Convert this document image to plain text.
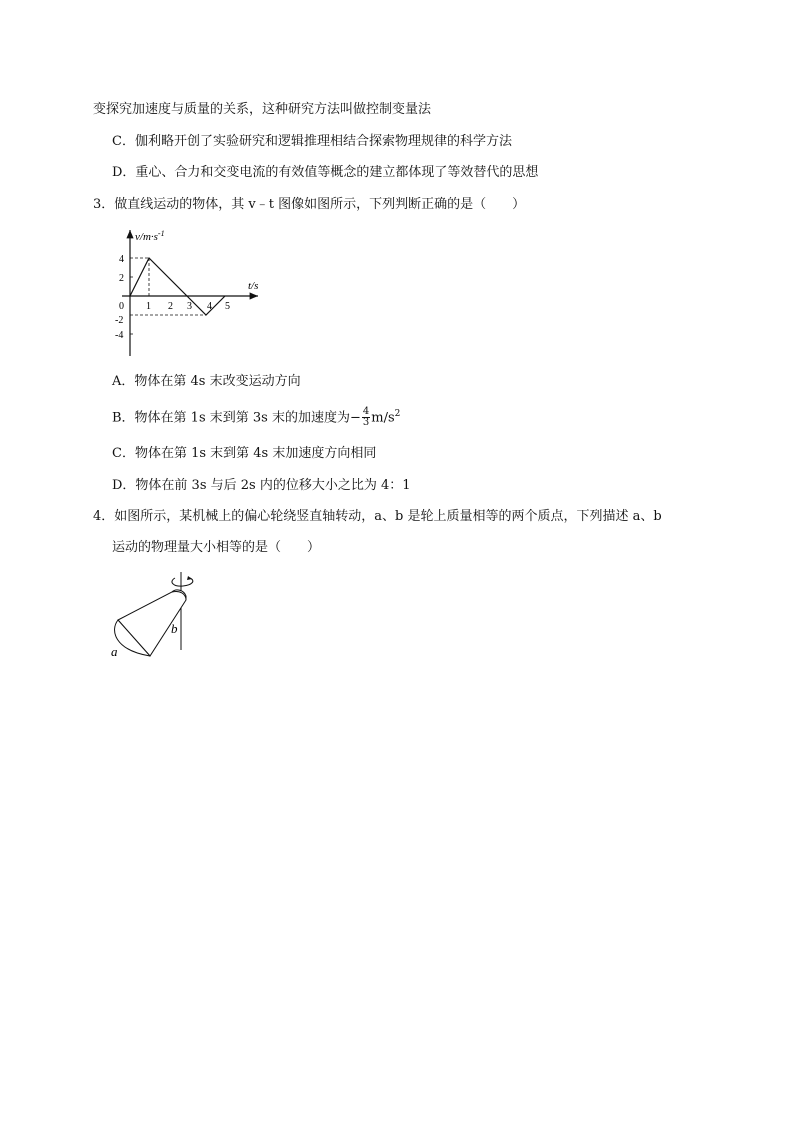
变探究加速度与质量的关系，这种研究方法叫做控制变量法
C．伽利略开创了实验研究和逻辑推理相结合探索物理规律的科学方法
D．重心、合力和交变电流的有效值等概念的建立都体现了等效替代的思想
3．做直线运动的物体，其 v﹣t 图像如图所示，下列判断正确的是（　　）
$v/m\cdot s^{-1}$
t/s
4
2
0
-2
-4
1 2 3 4 5
A．物体在第 4s 末改变运动方向
B．物体在第 1s 末到第 3s 末的加速度为− $\frac{4}{3} m/s^2$
C．物体在第 1s 末到第 4s 末加速度方向相同
D．物体在前 3s 与后 2s 内的位移大小之比为 4：1
4．如图所示，某机械上的偏心轮绕竖直轴转动，a、b 是轮上质量相等的两个质点，下列描述 a、b
运动的物理量大小相等的是（　　）
a
b
